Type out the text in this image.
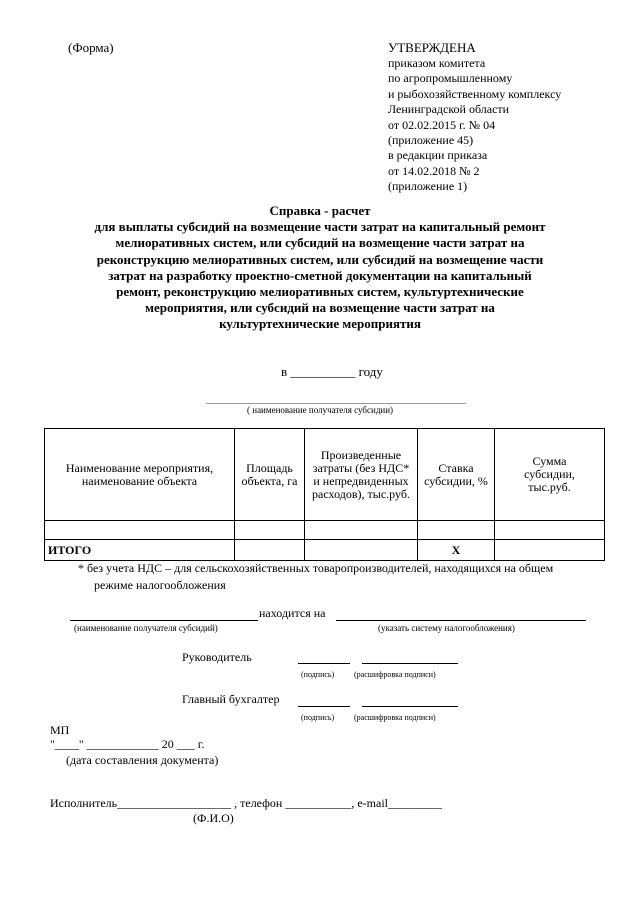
(Форма)	УТВЕРЖДЕНА
приказом комитета
по агропромышленному
и рыбохозяйственному комплексу
Ленинградской области
от 02.02.2015 г. № 04
(приложение 45)
в редакции приказа
от 14.02.2018 № 2
(приложение 1)
Справка - расчет
для выплаты субсидий на возмещение части затрат на капитальный ремонт
мелиоративных систем, или субсидий на возмещение части затрат на
реконструкцию мелиоративных систем, или субсидий на возмещение части
затрат на разработку проектно-сметной документации на капитальный
ремонт, реконструкцию мелиоративных систем, культуртехнические
мероприятия, или субсидий на возмещение части затрат на
культуртехнические мероприятия
в __________ году
( наименование получателя субсидии)
Наименование мероприятия, наименование объекта	Площадь объекта, га	Произведенные затраты (без НДС* и непредвиденных расходов), тыс.руб.	Ставка субсидии, %	Сумма субсидии, тыс.руб.

ИТОГО			Х	
* без учета НДС – для сельскохозяйственных товаропроизводителей, находящихся на общем
режиме налогообложения
находится на
(наименование получателя субсидий)	(указать систему налогообложения)
Руководитель
(подпись) (расшифровка подписи)
Главный бухгалтер
(подпись) (расшифровка подписи)
МП
"____" ____________ 20 ___ г.
(дата составления документа)
Исполнитель___________________ , телефон ___________, e-mail_________
(Ф.И.О)
